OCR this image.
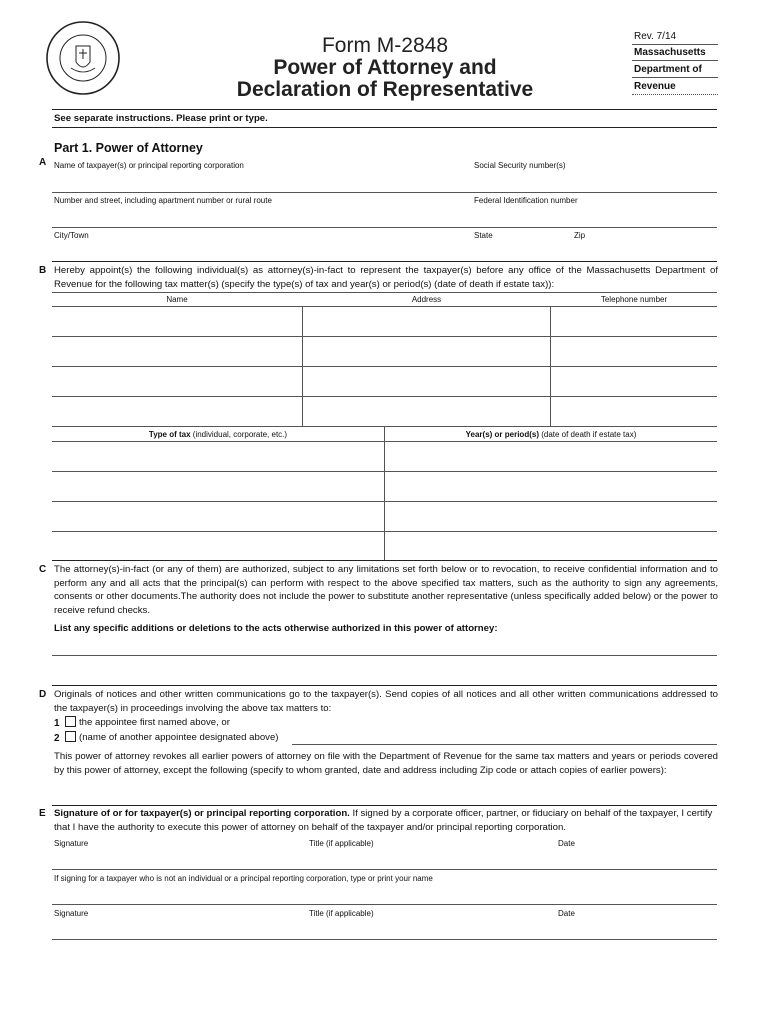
Form M-2848
Power of Attorney and
Declaration of Representative
Rev. 7/14
Massachusetts
Department of
Revenue
See separate instructions. Please print or type.
Part 1. Power of Attorney
A Name of taxpayer(s) or principal reporting corporation	Social Security number(s)
Number and street, including apartment number or rural route	Federal Identification number
City/Town	State	Zip
B Hereby appoint(s) the following individual(s) as attorney(s)-in-fact to represent the taxpayer(s) before any office of the Massachusetts Department of Revenue for the following tax matter(s) (specify the type(s) of tax and year(s) or period(s) (date of death if estate tax)):
Name	Address	Telephone number
Type of tax (individual, corporate, etc.)	Year(s) or period(s) (date of death if estate tax)
C The attorney(s)-in-fact (or any of them) are authorized, subject to any limitations set forth below or to revocation, to receive confidential information and to perform any and all acts that the principal(s) can perform with respect to the above specified tax matters, such as the authority to sign any agreements, consents or other documents.The authority does not include the power to substitute another representative (unless specifically added below) or the power to receive refund checks.
List any specific additions or deletions to the acts otherwise authorized in this power of attorney:
D Originals of notices and other written communications go to the taxpayer(s). Send copies of all notices and all other written communications addressed to the taxpayer(s) in proceedings involving the above tax matters to:
1 the appointee first named above, or
2 (name of another appointee designated above)
This power of attorney revokes all earlier powers of attorney on file with the Department of Revenue for the same tax matters and years or periods covered by this power of attorney, except the following (specify to whom granted, date and address including Zip code or attach copies of earlier powers):
E Signature of or for taxpayer(s) or principal reporting corporation. If signed by a corporate officer, partner, or fiduciary on behalf of the taxpayer, I certify that I have the authority to execute this power of attorney on behalf of the taxpayer and/or principal reporting corporation.
Signature	Title (if applicable)	Date
If signing for a taxpayer who is not an individual or a principal reporting corporation, type or print your name
Signature	Title (if applicable)	Date
